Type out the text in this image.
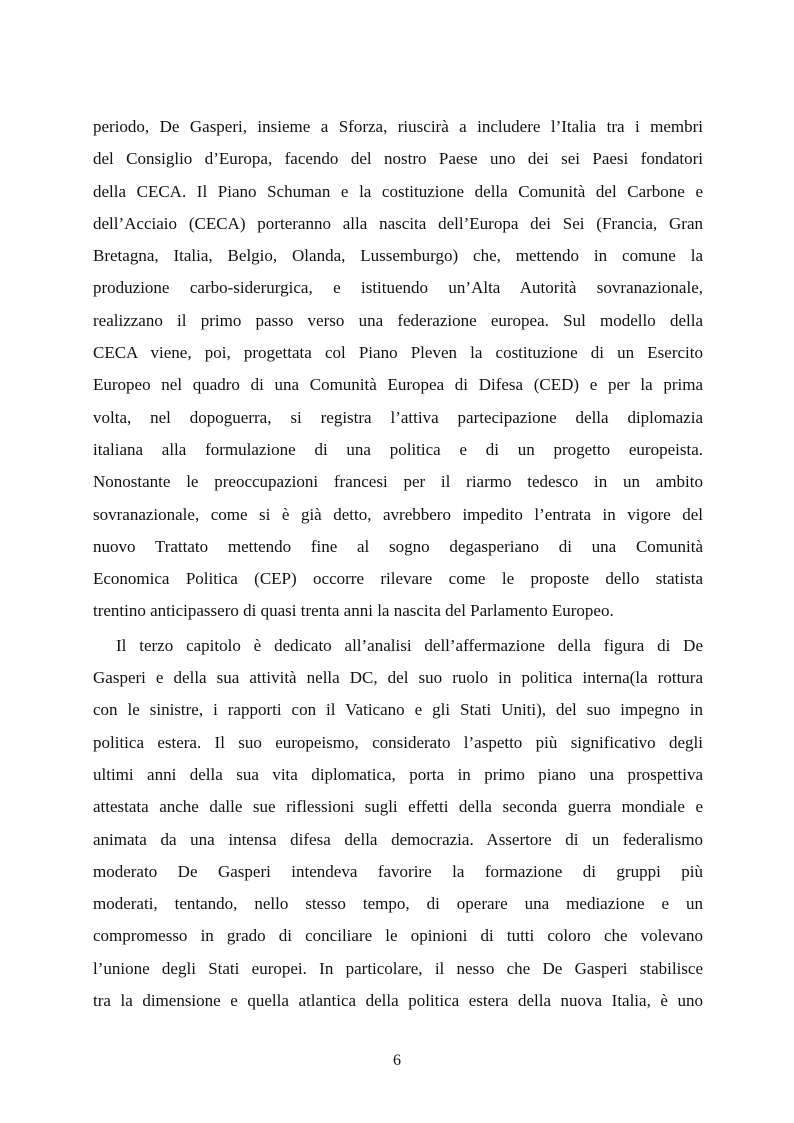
periodo, De Gasperi, insieme a Sforza, riuscirà a includere l’Italia tra i membri
del Consiglio d’Europa, facendo del nostro Paese uno dei sei Paesi fondatori
della CECA. Il Piano Schuman e la costituzione della Comunità del Carbone e
dell’Acciaio (CECA) porteranno alla nascita dell’Europa dei Sei (Francia, Gran
Bretagna, Italia, Belgio, Olanda, Lussemburgo) che, mettendo in comune la
produzione carbo-siderurgica, e istituendo un’Alta Autorità sovranazionale,
realizzano il primo passo verso una federazione europea. Sul modello della
CECA viene, poi, progettata col Piano Pleven la costituzione di un Esercito
Europeo nel quadro di una Comunità Europea di Difesa (CED) e per la prima
volta, nel dopoguerra, si registra l’attiva partecipazione della diplomazia
italiana alla formulazione di una politica e di un progetto europeista.
Nonostante le preoccupazioni francesi per il riarmo tedesco in un ambito
sovranazionale, come si è già detto, avrebbero impedito l’entrata in vigore del
nuovo Trattato mettendo fine al sogno degasperiano di una Comunità
Economica Politica (CEP) occorre rilevare come le proposte dello statista
trentino anticipassero di quasi trenta anni la nascita del Parlamento Europeo.
Il terzo capitolo è dedicato all’analisi dell’affermazione della figura di De
Gasperi e della sua attività nella DC, del suo ruolo in politica interna(la rottura
con le sinistre, i rapporti con il Vaticano e gli Stati Uniti), del suo impegno in
politica estera. Il suo europeismo, considerato l’aspetto più significativo degli
ultimi anni della sua vita diplomatica, porta in primo piano una prospettiva
attestata anche dalle sue riflessioni sugli effetti della seconda guerra mondiale e
animata da una intensa difesa della democrazia. Assertore di un federalismo
moderato De Gasperi intendeva favorire la formazione di gruppi più
moderati, tentando, nello stesso tempo, di operare una mediazione e un
compromesso in grado di conciliare le opinioni di tutti coloro che volevano
l’unione degli Stati europei. In particolare, il nesso che De Gasperi stabilisce
tra la dimensione e quella atlantica della politica estera della nuova Italia, è uno
6
